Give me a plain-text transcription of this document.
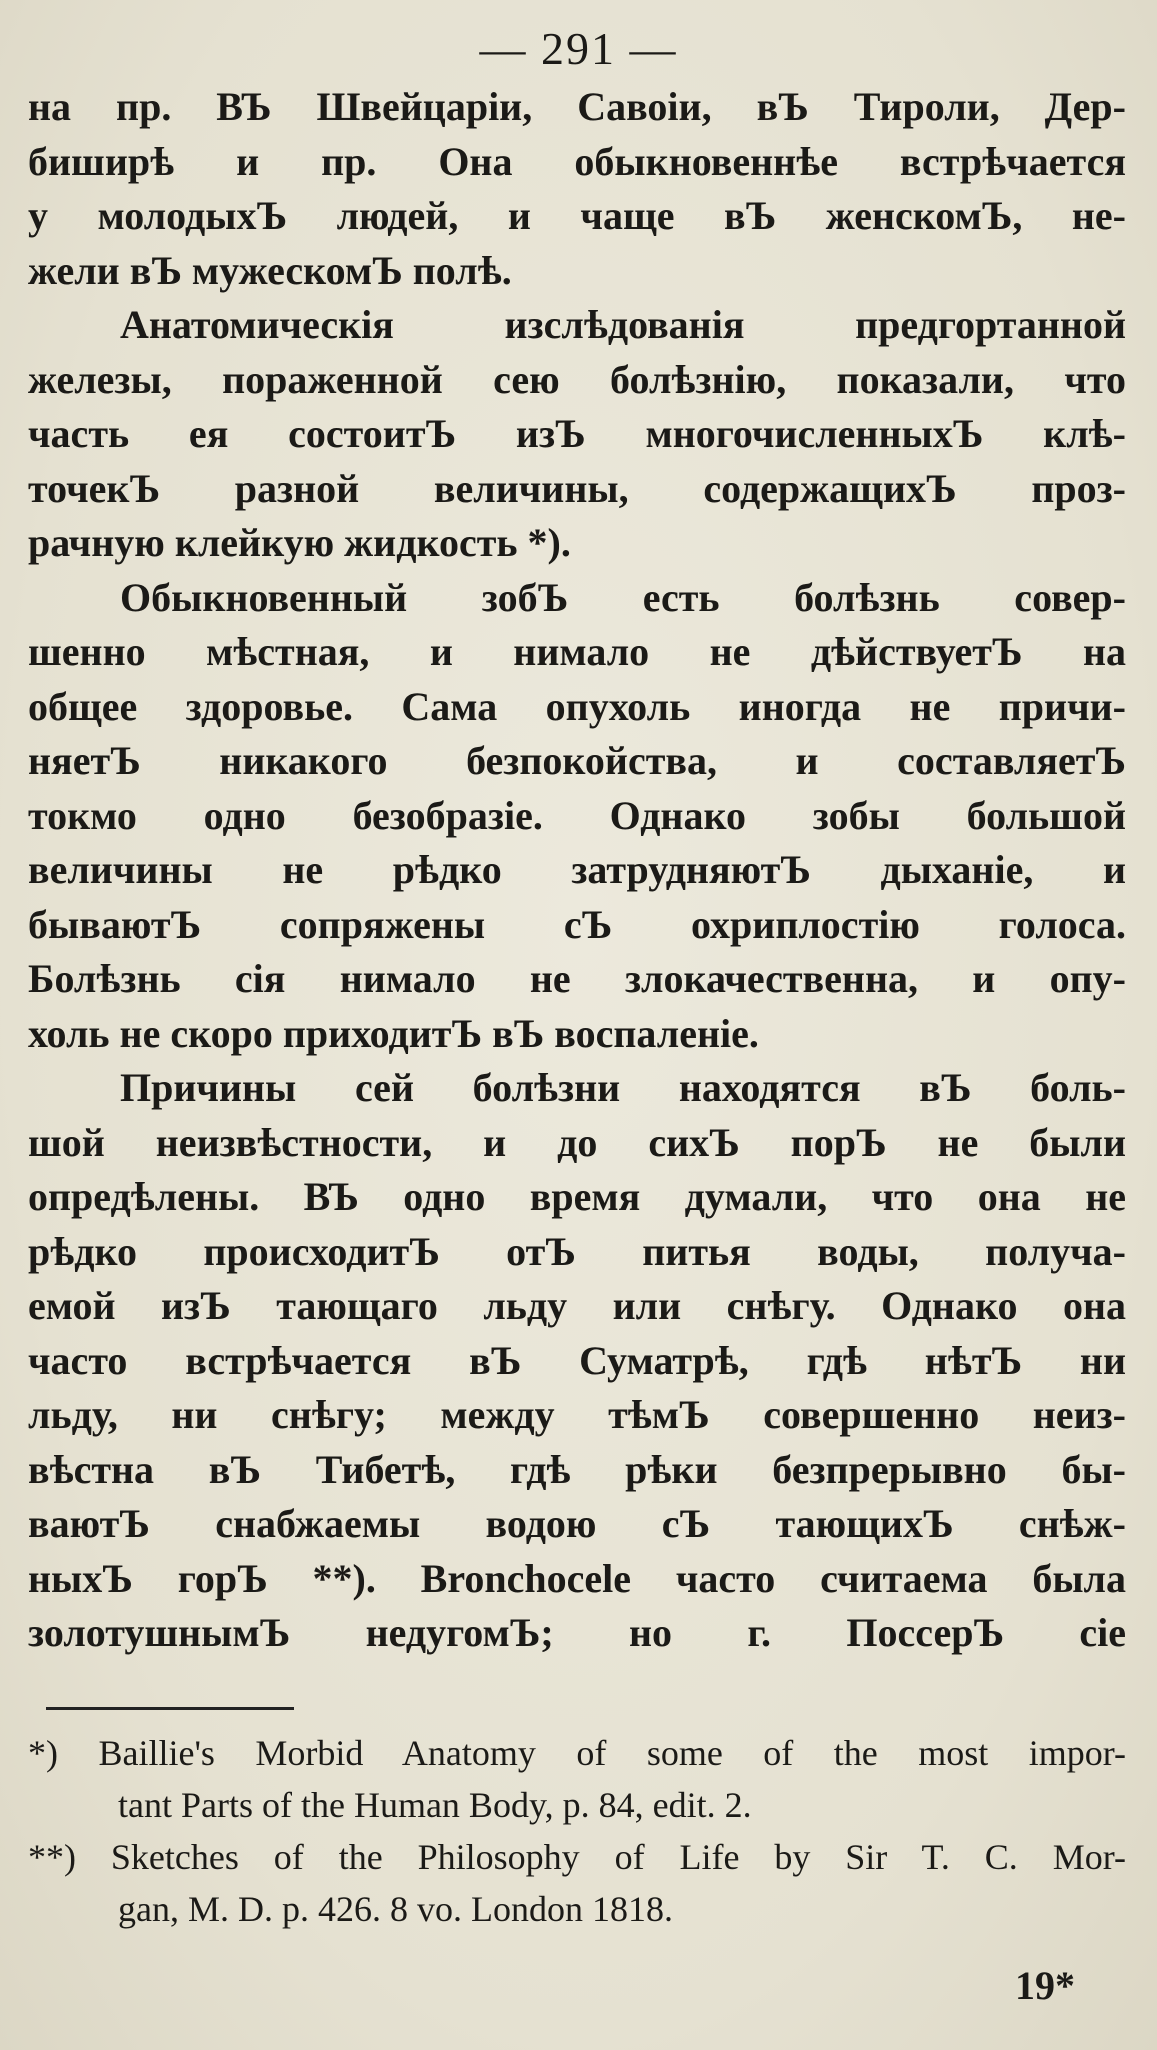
— 291 —
на пр. ВЪ Швейцаріи, Савоіи, вЪ Тироли, Дер-
биширѣ и пр. Она обыкновеннѣе встрѣчается
у молодыхЪ людей, и чаще вЪ женскомЪ, не-
жели вЪ мужескомЪ полѣ.
Анатомическія изслѣдованія предгортанной
железы, пораженной сею болѣзнію, показали, что
часть ея состоитЪ изЪ многочисленныхЪ клѣ-
точекЪ разной величины, содержащихЪ проз-
рачную клейкую жидкость *).
Обыкновенный зобЪ есть болѣзнь совер-
шенно мѣстная, и нимало не дѣйствуетЪ на
общее здоровье. Сама опухоль иногда не причи-
няетЪ никакого безпокойства, и составляетЪ
токмо одно безобразіе. Однако зобы большой
величины не рѣдко затрудняютЪ дыханіе, и
бываютЪ сопряжены сЪ охриплостію голоса.
Болѣзнь сія нимало не злокачественна, и опу-
холь не скоро приходитЪ вЪ воспаленіе.
Причины сей болѣзни находятся вЪ боль-
шой неизвѣстности, и до сихЪ порЪ не были
опредѣлены. ВЪ одно время думали, что она не
рѣдко происходитЪ отЪ питья воды, получа-
емой изЪ тающаго льду или снѣгу. Однако она
часто встрѣчается вЪ Суматрѣ, гдѣ нѣтЪ ни
льду, ни снѣгу; между тѣмЪ совершенно неиз-
вѣстна вЪ Тибетѣ, гдѣ рѣки безпрерывно бы-
ваютЪ снабжаемы водою сЪ тающихЪ снѣж-
ныхЪ горЪ **). Bronchocele часто считаема была
золотушнымЪ недугомЪ; но г. ПоссерЪ сіе
*) Baillie's Morbid Anatomy of some of the most impor-
tant Parts of the Human Body, p. 84, edit. 2.
**) Sketches of the Philosophy of Life by Sir T. C. Mor-
gan, M. D. p. 426. 8 vo. London 1818.
19*
